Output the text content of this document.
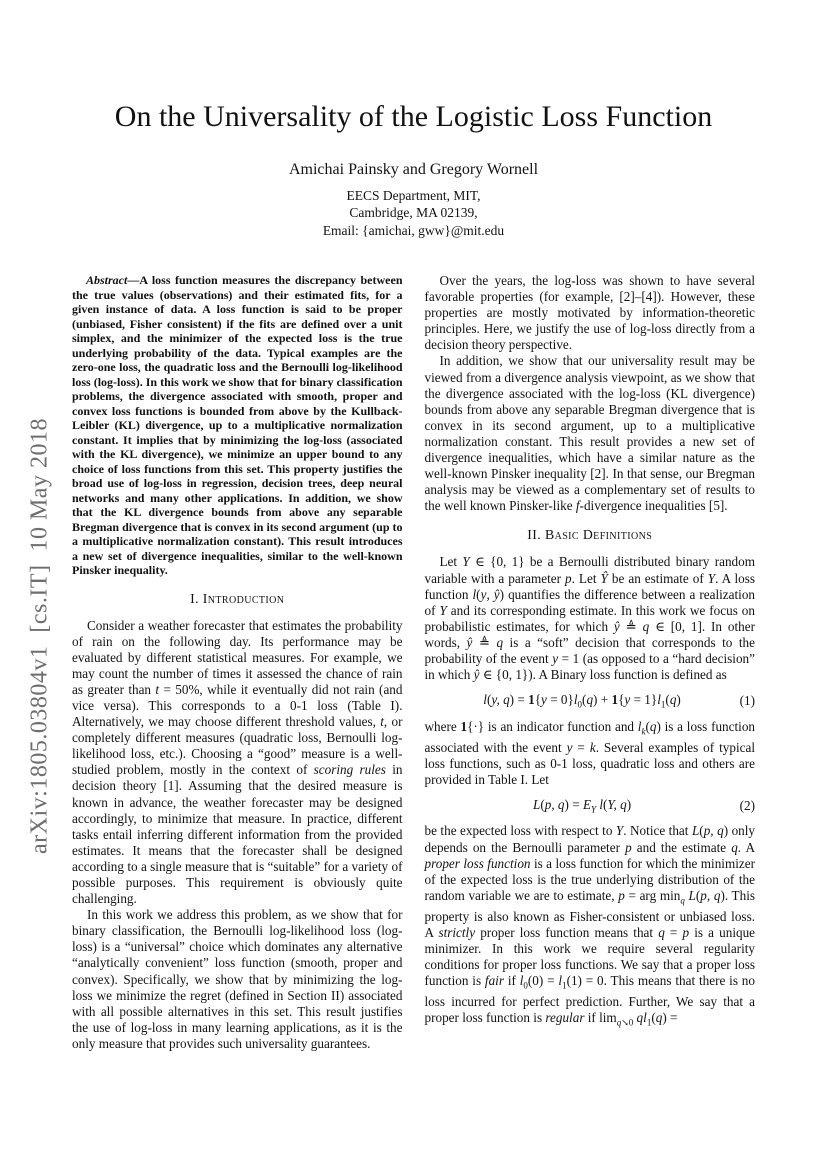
arXiv:1805.03804v1  [cs.IT]  10 May 2018
On the Universality of the Logistic Loss Function
Amichai Painsky and Gregory Wornell
EECS Department, MIT,
Cambridge, MA 02139,
Email: {amichai, gww}@mit.edu

Abstract—A loss function measures the discrepancy between the true values (observations) and their estimated fits, for a given instance of data. A loss function is said to be proper (unbiased, Fisher consistent) if the fits are defined over a unit simplex, and the minimizer of the expected loss is the true underlying probability of the data. Typical examples are the zero-one loss, the quadratic loss and the Bernoulli log-likelihood loss (log-loss). In this work we show that for binary classification problems, the divergence associated with smooth, proper and convex loss functions is bounded from above by the Kullback-Leibler (KL) divergence, up to a multiplicative normalization constant. It implies that by minimizing the log-loss (associated with the KL divergence), we minimize an upper bound to any choice of loss functions from this set. This property justifies the broad use of log-loss in regression, decision trees, deep neural networks and many other applications. In addition, we show that the KL divergence bounds from above any separable Bregman divergence that is convex in its second argument (up to a multiplicative normalization constant). This result introduces a new set of divergence inequalities, similar to the well-known Pinsker inequality.

I. Introduction

Consider a weather forecaster that estimates the probability of rain on the following day. Its performance may be evaluated by different statistical measures. For example, we may count the number of times it assessed the chance of rain as greater than t = 50%, while it eventually did not rain (and vice versa). This corresponds to a 0-1 loss (Table I). Alternatively, we may choose different threshold values, t, or completely different measures (quadratic loss, Bernoulli log-likelihood loss, etc.). Choosing a “good” measure is a well-studied problem, mostly in the context of scoring rules in decision theory [1]. Assuming that the desired measure is known in advance, the weather forecaster may be designed accordingly, to minimize that measure. In practice, different tasks entail inferring different information from the provided estimates. It means that the forecaster shall be designed according to a single measure that is “suitable” for a variety of possible purposes. This requirement is obviously quite challenging.

In this work we address this problem, as we show that for binary classification, the Bernoulli log-likelihood loss (log-loss) is a “universal” choice which dominates any alternative “analytically convenient” loss function (smooth, proper and convex). Specifically, we show that by minimizing the log-loss we minimize the regret (defined in Section II) associated with all possible alternatives in this set. This result justifies the use of log-loss in many learning applications, as it is the only measure that provides such universality guarantees.

Over the years, the log-loss was shown to have several favorable properties (for example, [2]–[4]). However, these properties are mostly motivated by information-theoretic principles. Here, we justify the use of log-loss directly from a decision theory perspective.

In addition, we show that our universality result may be viewed from a divergence analysis viewpoint, as we show that the divergence associated with the log-loss (KL divergence) bounds from above any separable Bregman divergence that is convex in its second argument, up to a multiplicative normalization constant. This result provides a new set of divergence inequalities, which have a similar nature as the well-known Pinsker inequality [2]. In that sense, our Bregman analysis may be viewed as a complementary set of results to the well known Pinsker-like f-divergence inequalities [5].

II. Basic Definitions

Let Y ∈ {0, 1} be a Bernoulli distributed binary random variable with a parameter p. Let Ŷ be an estimate of Y. A loss function l(y, ŷ) quantifies the difference between a realization of Y and its corresponding estimate. In this work we focus on probabilistic estimates, for which ŷ ≜ q ∈ [0, 1]. In other words, ŷ ≜ q is a “soft” decision that corresponds to the probability of the event y = 1 (as opposed to a “hard decision” in which ŷ ∈ {0, 1}). A Binary loss function is defined as

l(y, $q) = 1\{y = 0\}l_0(q) + 1\{y = 1\}l_1(q)$	(1)

where 1{·} is an indicator function and $l_k(q)$ is a loss function associated with the event y = k. Several examples of typical loss functions, such as 0-1 loss, quadratic loss and others are provided in Table I. Let

L(p, $q) = E_Y$ l(Y, q)	(2)

be the expected loss with respect to Y. Notice that L(p, q) only depends on the Bernoulli parameter p and the estimate q. A proper loss function is a loss function for which the minimizer of the expected loss is the true underlying distribution of the random variable we are to estimate, p = arg $\min_q L(p$, q). This property is also known as Fisher-consistent or unbiased loss. A strictly proper loss function means that q = p is a unique minimizer. In this work we require several regularity conditions for proper loss functions. We say that a proper loss function is fair if $l_0(0) = l_1(1) = 0$. This means that there is no loss incurred for perfect prediction. Further, We say that a proper loss function is regular if $\lim_{q↘0} ql_1(q)$ =
